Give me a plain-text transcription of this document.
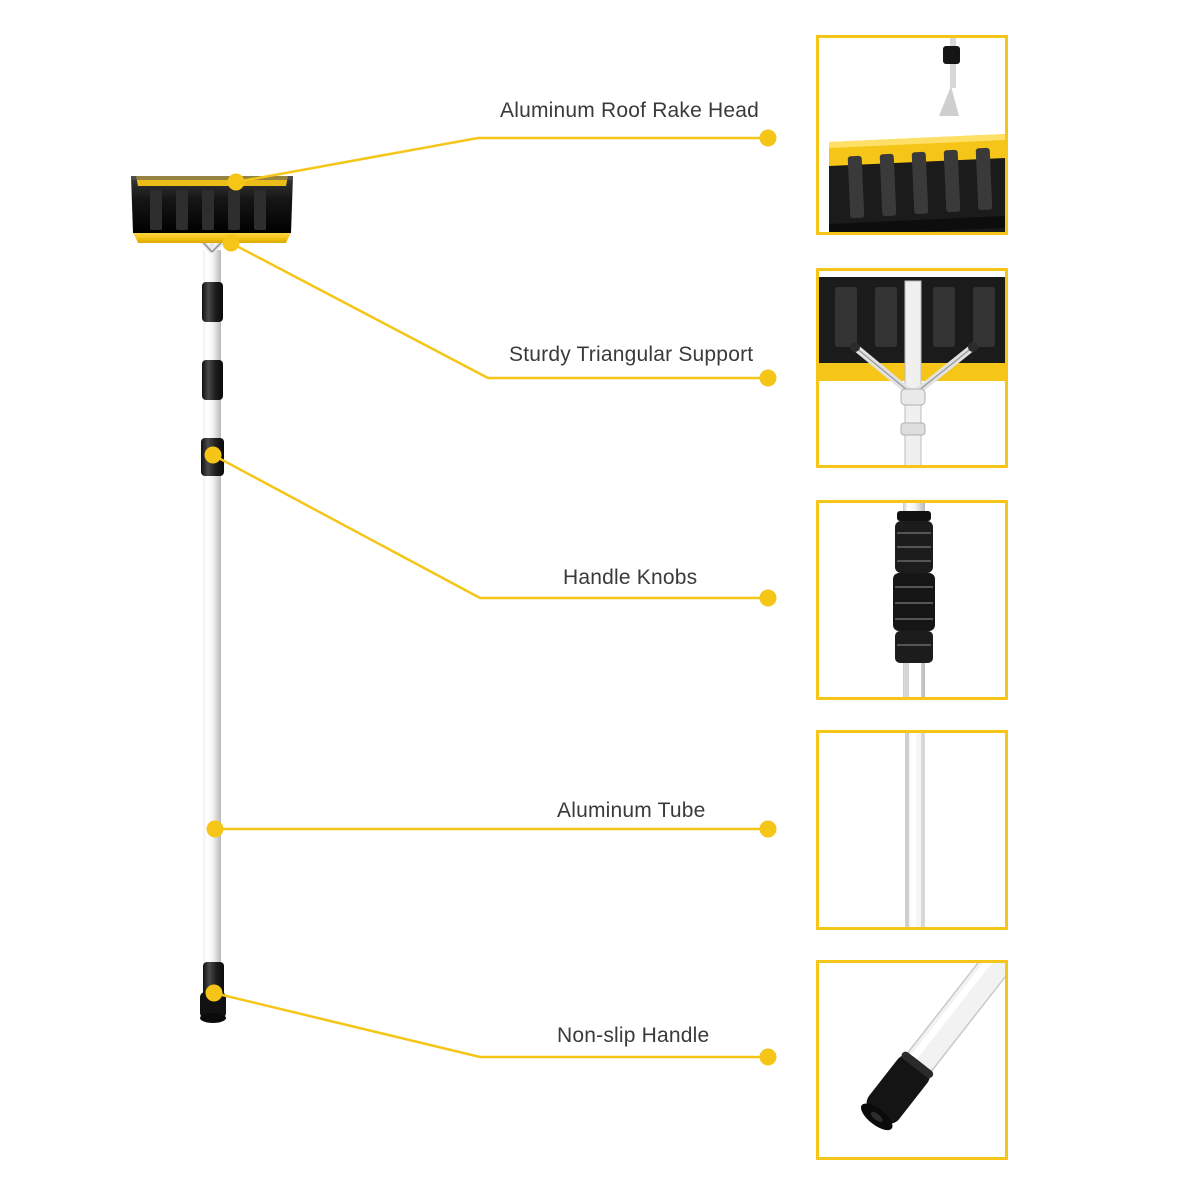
Aluminum Roof Rake Head
Sturdy Triangular Support
Handle Knobs
Aluminum Tube
Non-slip Handle
